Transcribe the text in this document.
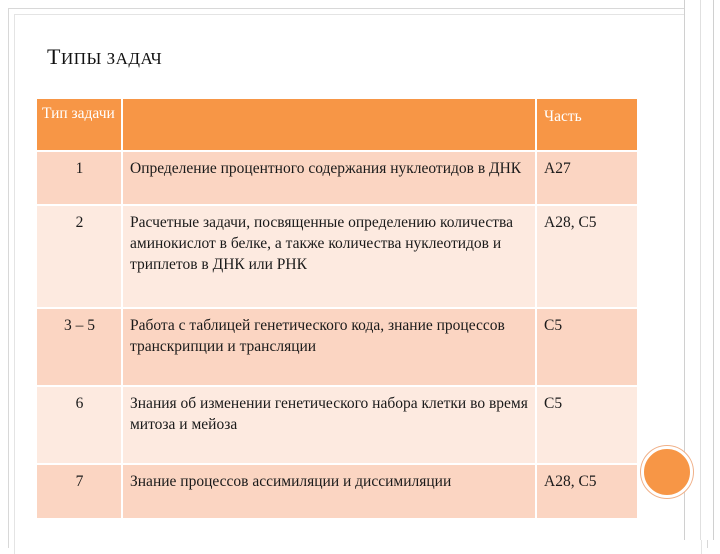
ТИПЫ ЗАДАЧ
Тип задачи		Часть
1	Определение процентного содержания нуклеотидов в ДНК	А27
2	Расчетные задачи, посвященные определению количества аминокислот в белке, а также количества нуклеотидов и триплетов в ДНК или РНК	А28, С5
3 – 5	Работа с таблицей генетического кода, знание процессов транскрипции и трансляции	С5
6	Знания об изменении генетического набора клетки во время митоза и мейоза	С5
7	Знание процессов ассимиляции и диссимиляции	А28, С5
